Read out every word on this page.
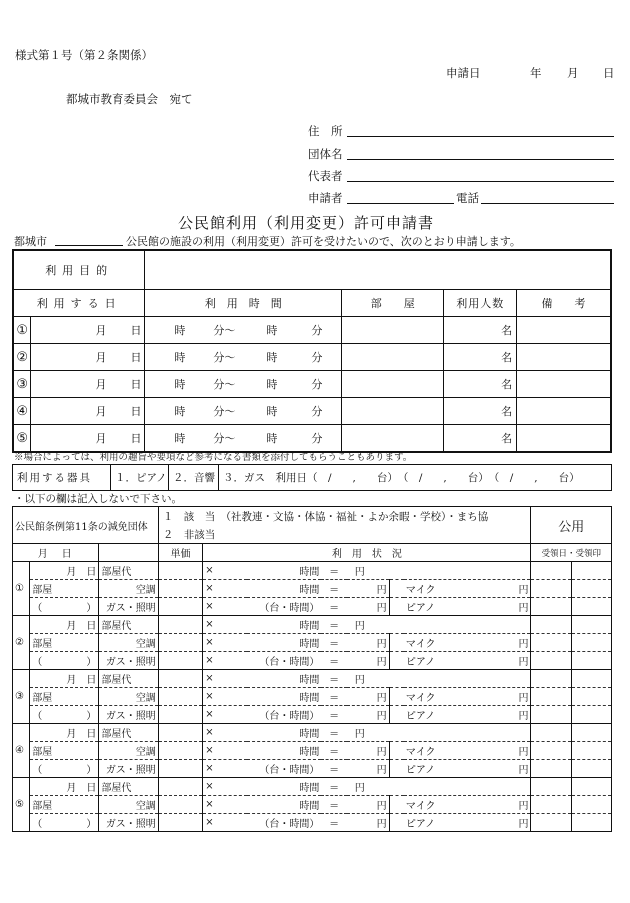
様式第１号（第２条関係）
申請日	年 月 日
都城市教育委員会　宛て
住　所
団体名
代表者
申請者	電話
公民館利用（利用変更）許可申請書
都城市	公民館の施設の利用（利用変更）許可を受けたいので、次のとおり申請します。
利用目的					
利用する日		利　用　時　間	部　　屋	利用人数	備　　考
①	月 日	時 分〜 時 分		名	
②	月 日	時 分〜 時 分		名	
③	月 日	時 分〜 時 分		名	
④	月 日	時 分〜 時 分		名	
⑤	月 日	時 分〜 時 分		名	
※場合によっては、利用の趣旨や要項など参考になる書類を添付してもらうこともあります。
利用する器具	１．ピアノ	２．音響	３．ガス　利用日（　/　　,　　台）　（　/　　,　　台）　（　/　　,　　台）
・以下の欄は記入しないで下さい。
公民館条例第11条の減免団体			１　該　当　（社教連・文協・体協・福祉・よか余暇・学校）・まち協							公用	
			２　非該当								
月　日			単価	利　用　状　況						受領日・受領印	
①	月 日	部屋代		×	時間	＝	円				
	部屋	空調		×	時間	＝	円		マイク 円		

	（ ）	ガス・照明		×	（台・時間）	＝	円		ピアノ 円		

②	月 日	部屋代		×	時間	＝	円				
	部屋	空調		×	時間	＝	円		マイク 円		

	（ ）	ガス・照明		×	（台・時間）	＝	円		ピアノ 円		

③	月 日	部屋代		×	時間	＝	円				
	部屋	空調		×	時間	＝	円		マイク 円		

	（ ）	ガス・照明		×	（台・時間）	＝	円		ピアノ 円		

④	月 日	部屋代		×	時間	＝	円				
	部屋	空調		×	時間	＝	円		マイク 円		

	（ ）	ガス・照明		×	（台・時間）	＝	円		ピアノ 円		

⑤	月 日	部屋代		×	時間	＝	円				
	部屋	空調		×	時間	＝	円		マイク 円		

	（ ）	ガス・照明		×	（台・時間）	＝	円		ピアノ 円		
